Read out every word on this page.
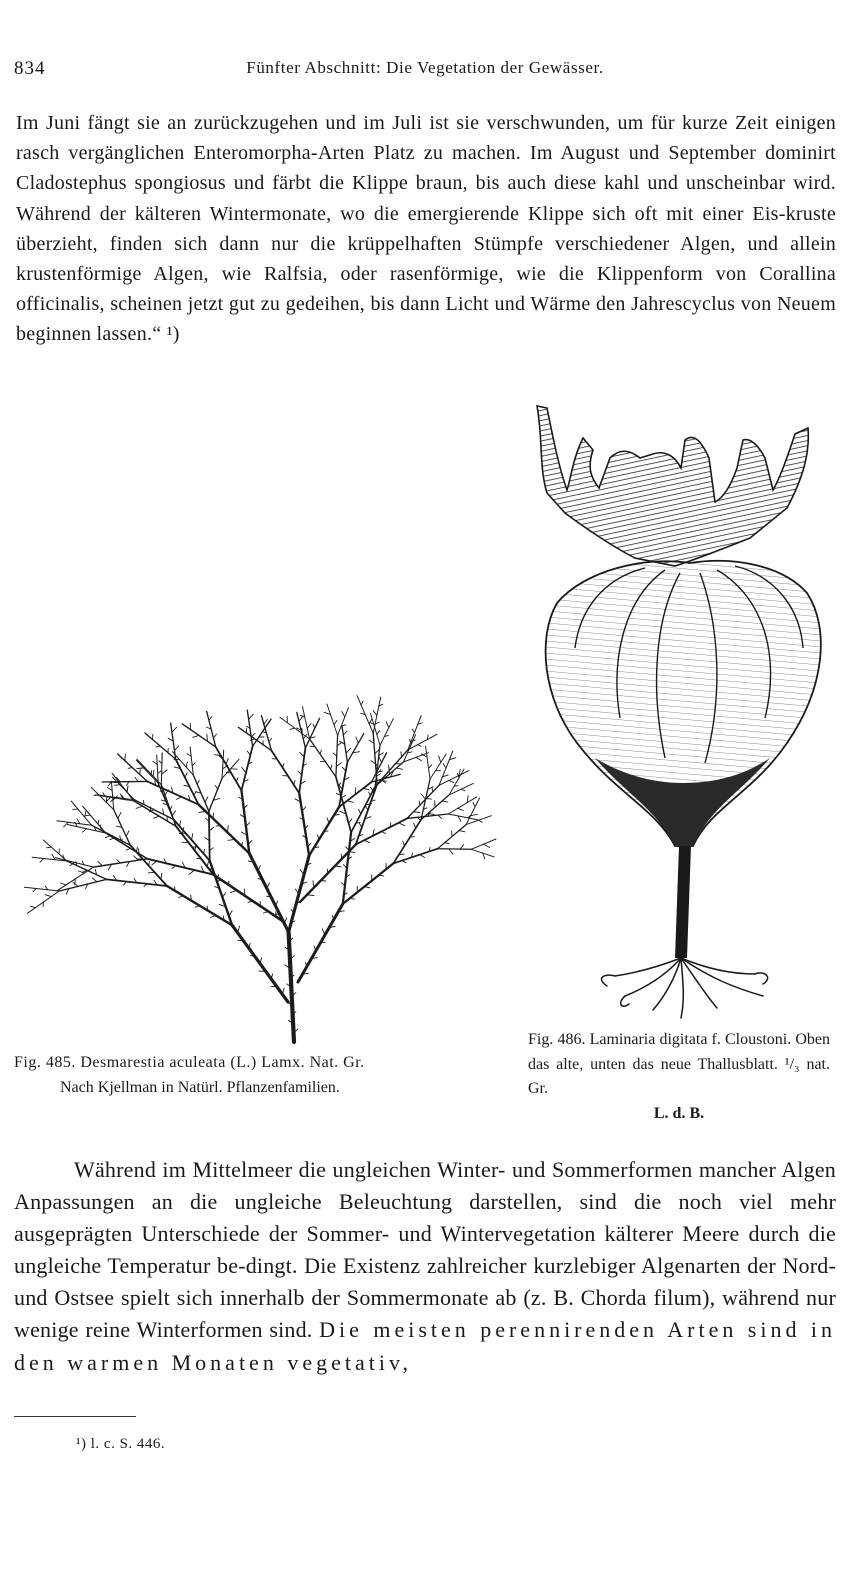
834	Fünfter Abschnitt: Die Vegetation der Gewässer.
Im Juni fängt sie an zurückzugehen und im Juli ist sie verschwunden, um für kurze Zeit einigen rasch vergänglichen Enteromorpha-Arten Platz zu machen. Im August und September dominirt Cladostephus spongiosus und färbt die Klippe braun, bis auch diese kahl und unscheinbar wird. Während der kälteren Wintermonate, wo die emergierende Klippe sich oft mit einer Eis-kruste überzieht, finden sich dann nur die krüppelhaften Stümpfe verschiedener Algen, und allein krustenförmige Algen, wie Ralfsia, oder rasenförmige, wie die Klippenform von Corallina officinalis, scheinen jetzt gut zu gedeihen, bis dann Licht und Wärme den Jahrescyclus von Neuem beginnen lassen.“ ¹)
Fig. 485. Desmarestia aculeata (L.) Lamx. Nat. Gr.
Nach Kjellman in Natürl. Pflanzenfamilien.
Fig. 486. Laminaria digitata f. Cloustoni. Oben das alte, unten das neue Thallusblatt. ¹/₃ nat. Gr.
L. d. B.
Während im Mittelmeer die ungleichen Winter- und Sommerformen mancher Algen Anpassungen an die ungleiche Beleuchtung darstellen, sind die noch viel mehr ausgeprägten Unterschiede der Sommer- und Wintervegetation kälterer Meere durch die ungleiche Temperatur be-dingt. Die Existenz zahlreicher kurzlebiger Algenarten der Nord- und Ostsee spielt sich innerhalb der Sommermonate ab (z. B. Chorda filum), während nur wenige reine Winterformen sind. Die meisten perennirenden Arten sind in den warmen Monaten vegetativ,
¹) l. c. S. 446.
